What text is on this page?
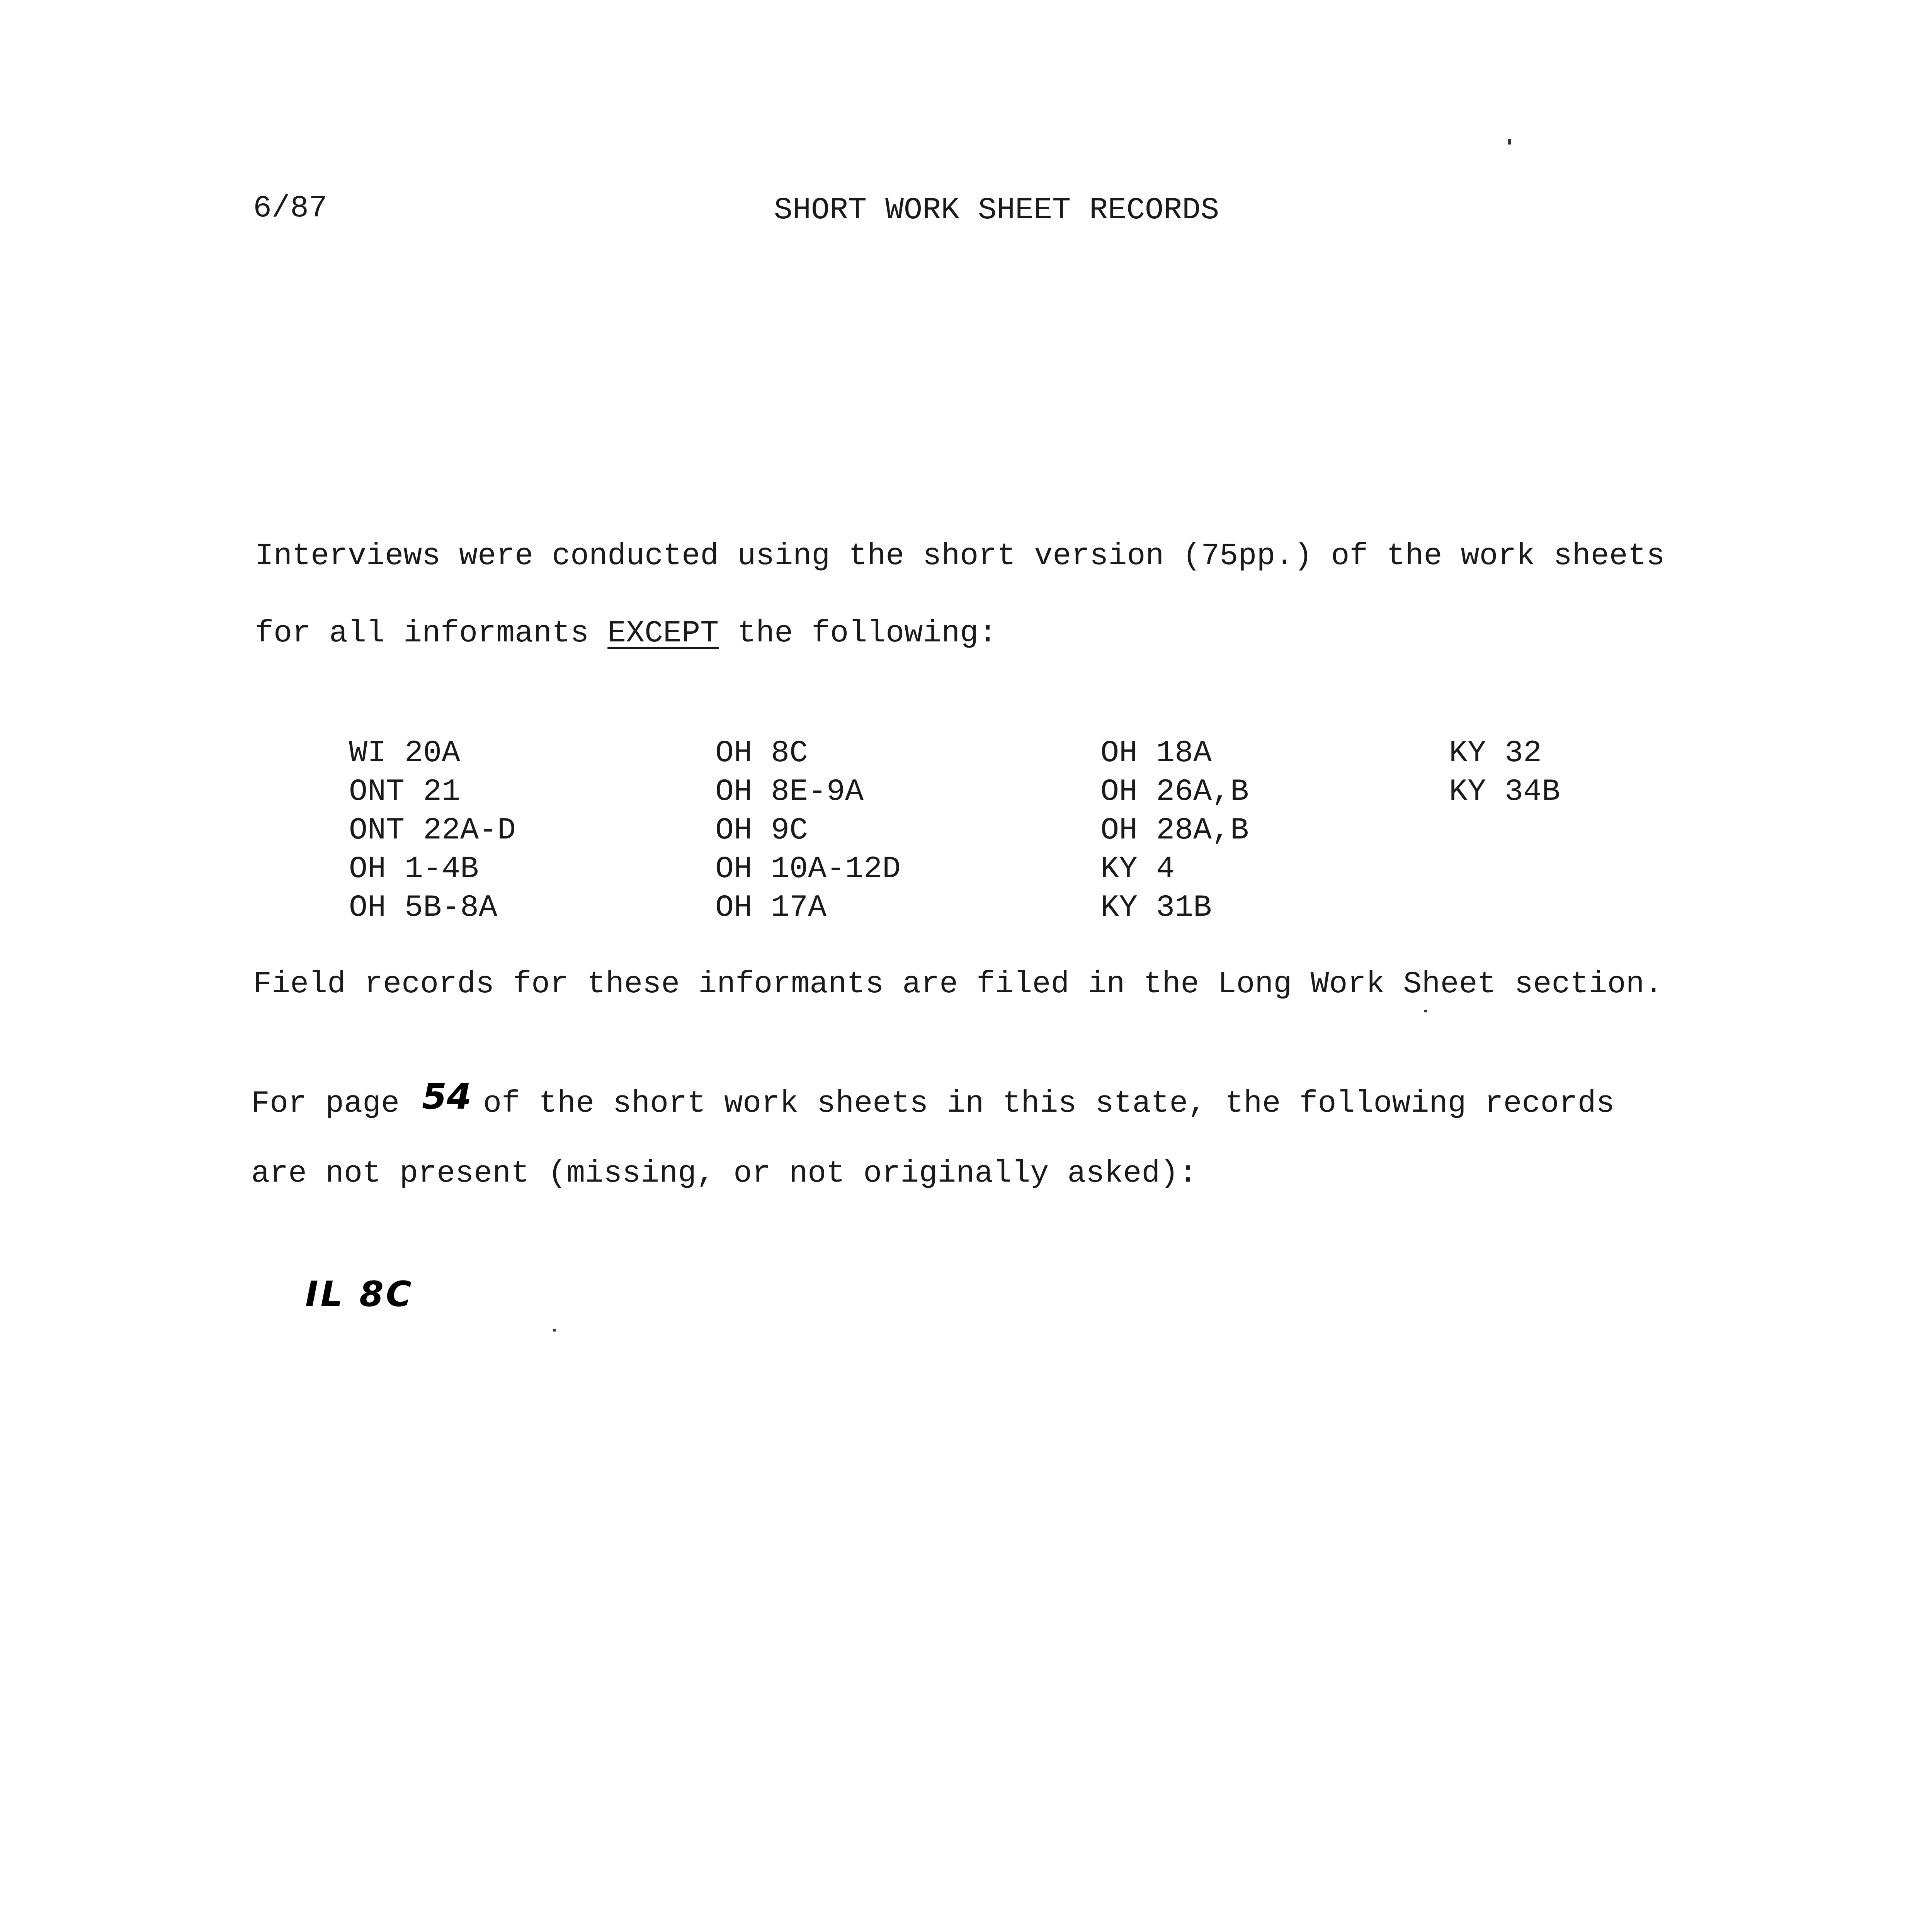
6/87	SHORT WORK SHEET RECORDS
Interviews were conducted using the short version (75pp.) of the work sheets
for all informants EXCEPT the following:
WI 20A
ONT 21
ONT 22A-D
OH 1-4B
OH 5B-8A
OH 8C
OH 8E-9A
OH 9C
OH 10A-12D
OH 17A
OH 18A
OH 26A,B
OH 28A,B
KY 4
KY 31B
KY 32
KY 34B
Field records for these informants are filed in the Long Work Sheet section.
For page 54 of the short work sheets in this state, the following records
are not present (missing, or not originally asked):
IL 8C
